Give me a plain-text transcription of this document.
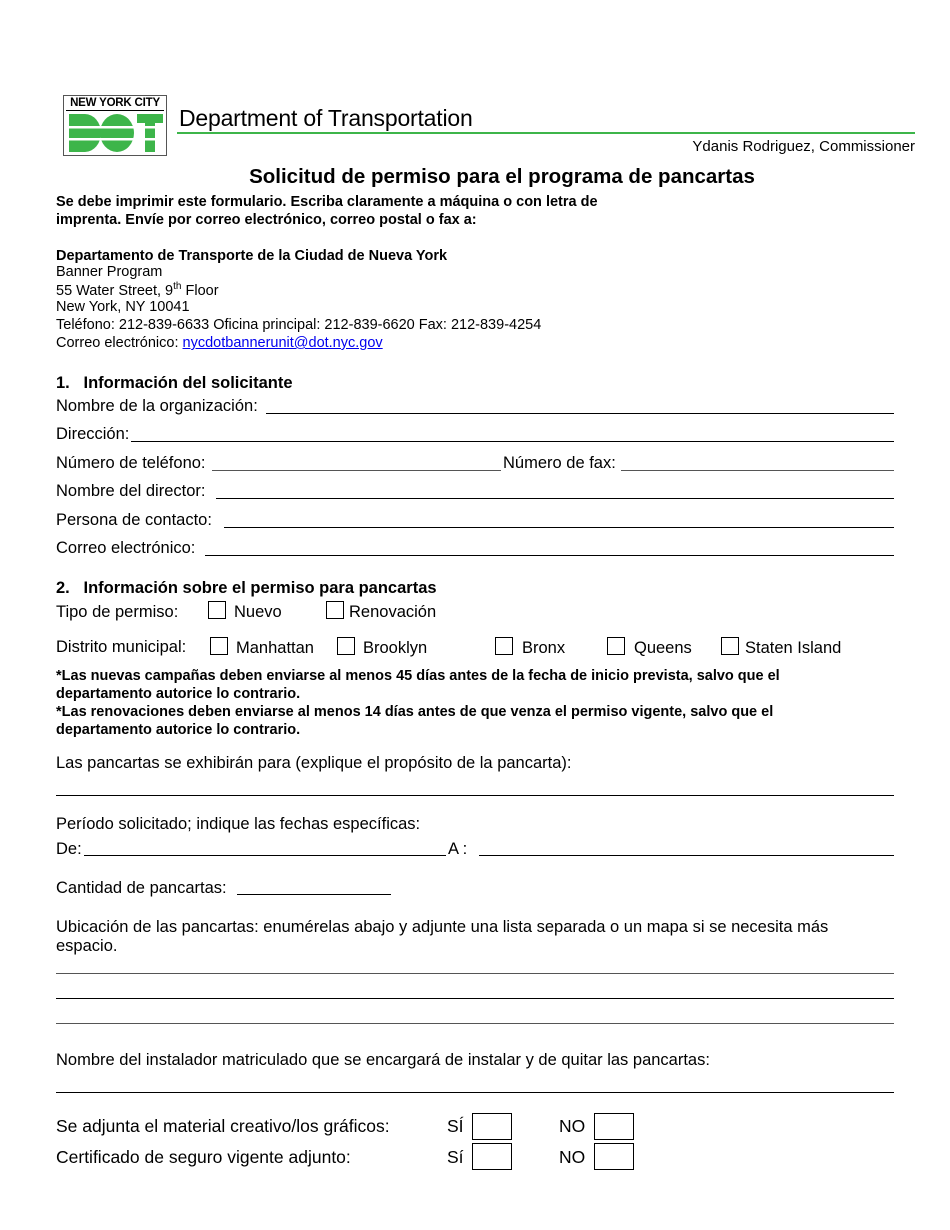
NEW YORK CITY
Department of Transportation
Ydanis Rodriguez, Commissioner
Solicitud de permiso para el programa de pancartas
Se debe imprimir este formulario. Escriba claramente a máquina o con letra de
imprenta. Envíe por correo electrónico, correo postal o fax a:
Departamento de Transporte de la Ciudad de Nueva York
Banner Program
55 Water Street, 9th Floor
New York, NY 10041
Teléfono: 212-839-6633 Oficina principal: 212-839-6620 Fax: 212-839-4254
Correo electrónico: nycdotbannerunit@dot.nyc.gov
1.   Información del solicitante
Nombre de la organización:
Dirección:
Número de teléfono:	Número de fax:
Nombre del director:
Persona de contacto:
Correo electrónico:
2.   Información sobre el permiso para pancartas
Tipo de permiso:	Nuevo	Renovación
Distrito municipal:	Manhattan	Brooklyn	Bronx	Queens	Staten Island
*Las nuevas campañas deben enviarse al menos 45 días antes de la fecha de inicio prevista, salvo que el
departamento autorice lo contrario.
*Las renovaciones deben enviarse al menos 14 días antes de que venza el permiso vigente, salvo que el
departamento autorice lo contrario.
Las pancartas se exhibirán para (explique el propósito de la pancarta):
Período solicitado; indique las fechas específicas:
De:	A :
Cantidad de pancartas:
Ubicación de las pancartas: enumérelas abajo y adjunte una lista separada o un mapa si se necesita más
espacio.
Nombre del instalador matriculado que se encargará de instalar y de quitar las pancartas:
Se adjunta el material creativo/los gráficos:	SÍ	NO
Certificado de seguro vigente adjunto:	Sí	NO
